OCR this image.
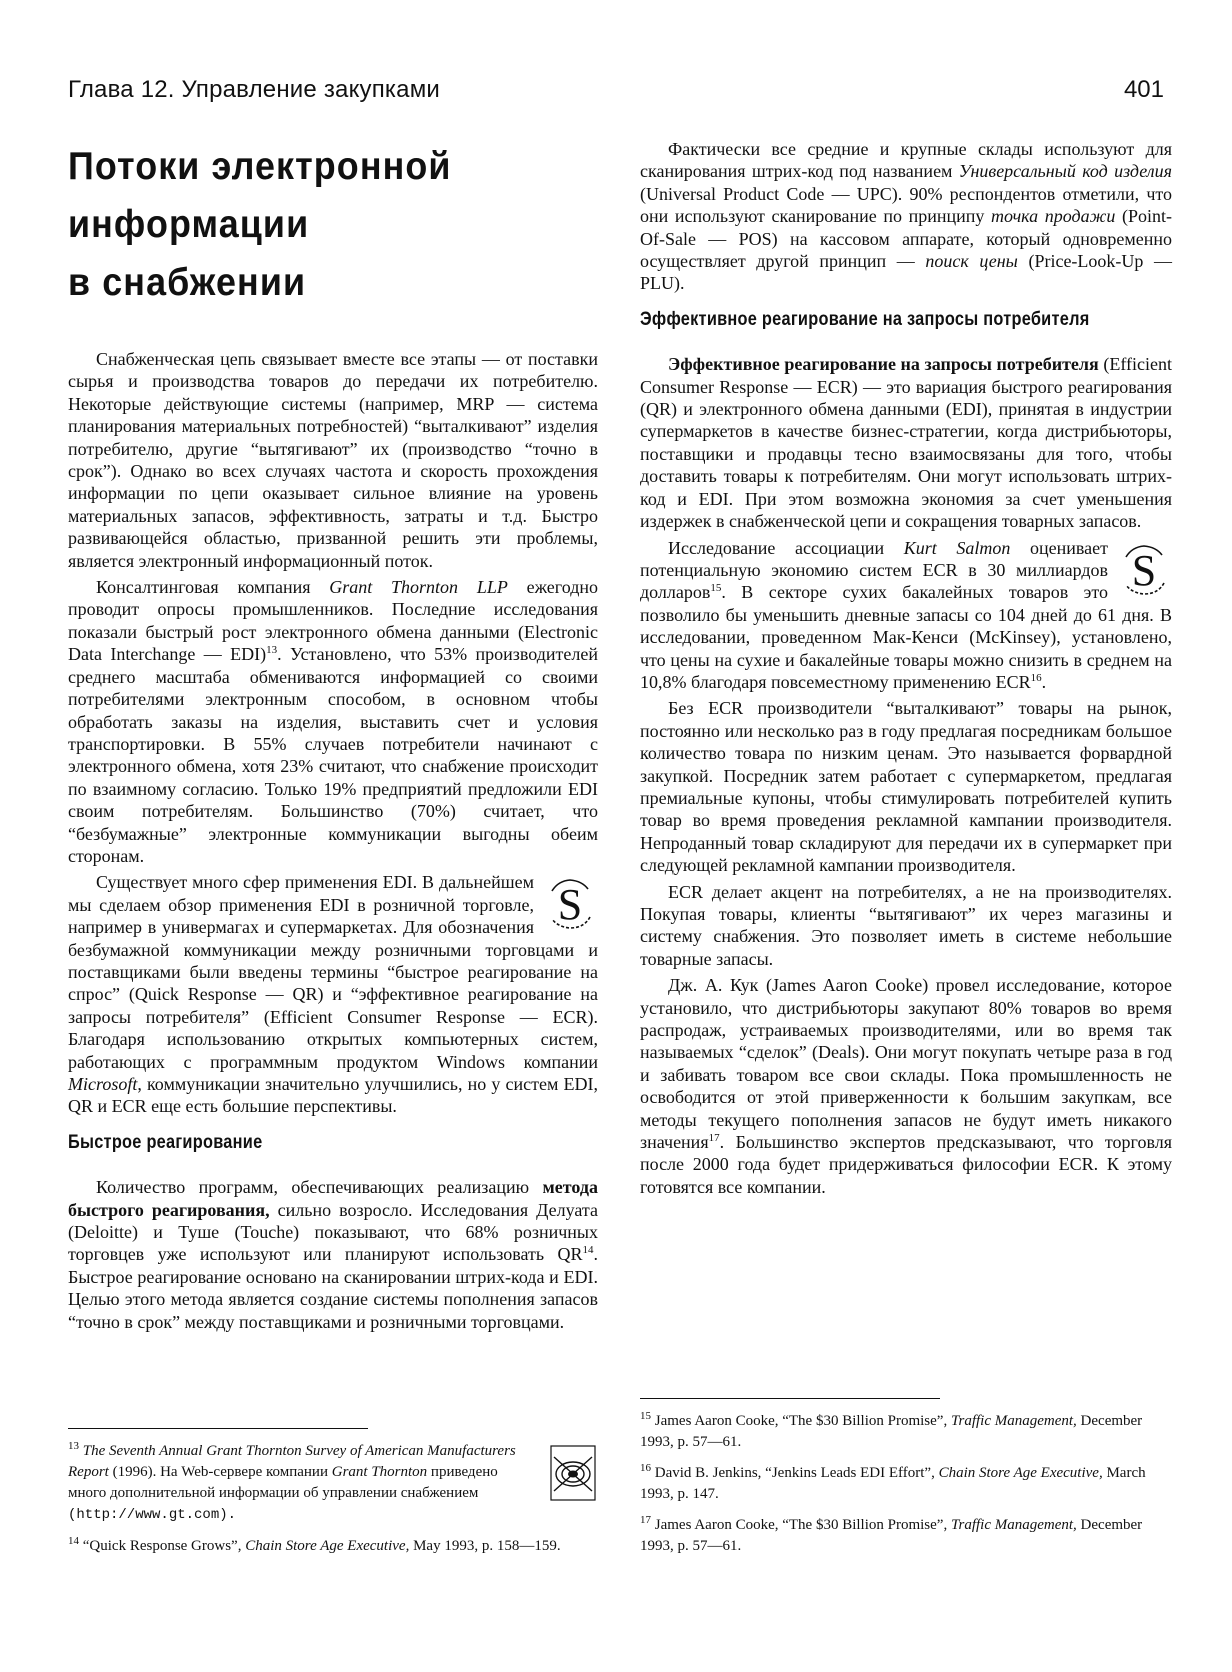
Глава 12. Управление закупками	401
Потоки электронной информации
в снабжении

Снабженческая цепь связывает вместе все этапы — от поставки сырья и производства товаров до передачи их потребителю. Некоторые действующие системы (например, MRP — система планирования материальных потребностей) “выталкивают” изделия потребителю, другие “вытягивают” их (производство “точно в срок”). Однако во всех случаях частота и скорость прохождения информации по цепи оказывает сильное влияние на уровень материальных запасов, эффективность, затраты и т.д. Быстро развивающейся областью, призванной решить эти проблемы, является электронный информационный поток.

Консалтинговая компания Grant Thornton LLP ежегодно проводит опросы промышленников. Последние исследования показали быстрый рост электронного обмена данными (Electronic Data Interchange — EDI)$^{13}$. Установлено, что 53% производителей среднего масштаба обмениваются информацией со своими потребителями электронным способом, в основном чтобы обработать заказы на изделия, выставить счет и условия транспортировки. В 55% случаев потребители начинают с электронного обмена, хотя 23% считают, что снабжение происходит по взаимному согласию. Только 19% предприятий предложили EDI своим потребителям. Большинство (70%) считает, что “безбумажные” электронные коммуникации выгодны обеим сторонам.

S
Существует много сфер применения EDI. В дальнейшем мы сделаем обзор применения EDI в розничной торговле, например в универмагах и супермаркетах. Для обозначения безбумажной коммуникации между розничными торговцами и поставщиками были введены термины “быстрое реагирование на спрос” (Quick Response — QR) и “эффективное реагирование на запросы потребителя” (Efficient Consumer Response — ECR). Благодаря использованию открытых компьютерных систем, работающих с программным продуктом Windows компании Microsoft, коммуникации значительно улучшились, но у систем EDI, QR и ECR еще есть большие перспективы.

Быстрое реагирование

Количество программ, обеспечивающих реализацию метода быстрого реагирования, сильно возросло. Исследования Делуата (Deloitte) и Туше (Touche) показывают, что 68% розничных торговцев уже используют или планируют использовать QR$^{14}$. Быстрое реагирование основано на сканировании штрих-кода и EDI. Целью этого метода является создание системы пополнения запасов “точно в срок” между поставщиками и розничными торговцами.

Фактически все средние и крупные склады используют для сканирования штрих-код под названием Универсальный код изделия (Universal Product Code — UPC). 90% респондентов отметили, что они используют сканирование по принципу точка продажи (Point-Of-Sale — POS) на кассовом аппарате, который одновременно осуществляет другой принцип — поиск цены (Price-Look-Up — PLU).

Эффективное реагирование на запросы потребителя

Эффективное реагирование на запросы потребителя (Efficient Consumer Response — ECR) — это вариация быстрого реагирования (QR) и электронного обмена данными (EDI), принятая в индустрии супермаркетов в качестве бизнес-стратегии, когда дистрибьюторы, поставщики и продавцы тесно взаимосвязаны для того, чтобы доставить товары к потребителям. Они могут использовать штрих-код и EDI. При этом возможна экономия за счет уменьшения издержек в снабженческой цепи и сокращения товарных запасов.

S
Исследование ассоциации Kurt Salmon оценивает потенциальную экономию систем ECR в 30 миллиардов долларов$^{15}$. В секторе сухих бакалейных товаров это позволило бы уменьшить дневные запасы со 104 дней до 61 дня. В исследовании, проведенном Мак-Кенси (McKinsey), установлено, что цены на сухие и бакалейные товары можно снизить в среднем на 10,8% благодаря повсеместному применению ECR$^{16}$.

Без ECR производители “выталкивают” товары на рынок, постоянно или несколько раз в году предлагая посредникам большое количество товара по низким ценам. Это называется форвардной закупкой. Посредник затем работает с супермаркетом, предлагая премиальные купоны, чтобы стимулировать потребителей купить товар во время проведения рекламной кампании производителя. Непроданный товар складируют для передачи их в супермаркет при следующей рекламной кампании производителя.

ECR делает акцент на потребителях, а не на производителях. Покупая товары, клиенты “вытягивают” их через магазины и систему снабжения. Это позволяет иметь в системе небольшие товарные запасы.

Дж. А. Кук (James Aaron Cooke) провел исследование, которое установило, что дистрибьюторы закупают 80% товаров во время распродаж, устраиваемых производителями, или во время так называемых “сделок” (Deals). Они могут покупать четыре раза в год и забивать товаром все свои склады. Пока промышленность не освободится от этой приверженности к большим закупкам, все методы текущего пополнения запасов не будут иметь никакого значения$^{17}$. Большинство экспертов предсказывают, что торговля после 2000 года будет придерживаться философии ECR. К этому готовятся все компании.

$^{13}$ The Seventh Annual Grant Thornton Survey of American Manufacturers Report (1996). На Web-сервере компании Grant Thornton приведено много дополнительной информации об управлении снабжением (http://www.gt.com).
$^{14}$ “Quick Response Grows”, Chain Store Age Executive, May 1993, p. 158—159.
$^{15}$ James Aaron Cooke, “The $30 Billion Promise”, Traffic Management, December 1993, p. 57—61.
$^{16}$ David B. Jenkins, “Jenkins Leads EDI Effort”, Chain Store Age Executive, March 1993, p. 147.
$^{17}$ James Aaron Cooke, “The $30 Billion Promise”, Traffic Management, December 1993, p. 57—61.
